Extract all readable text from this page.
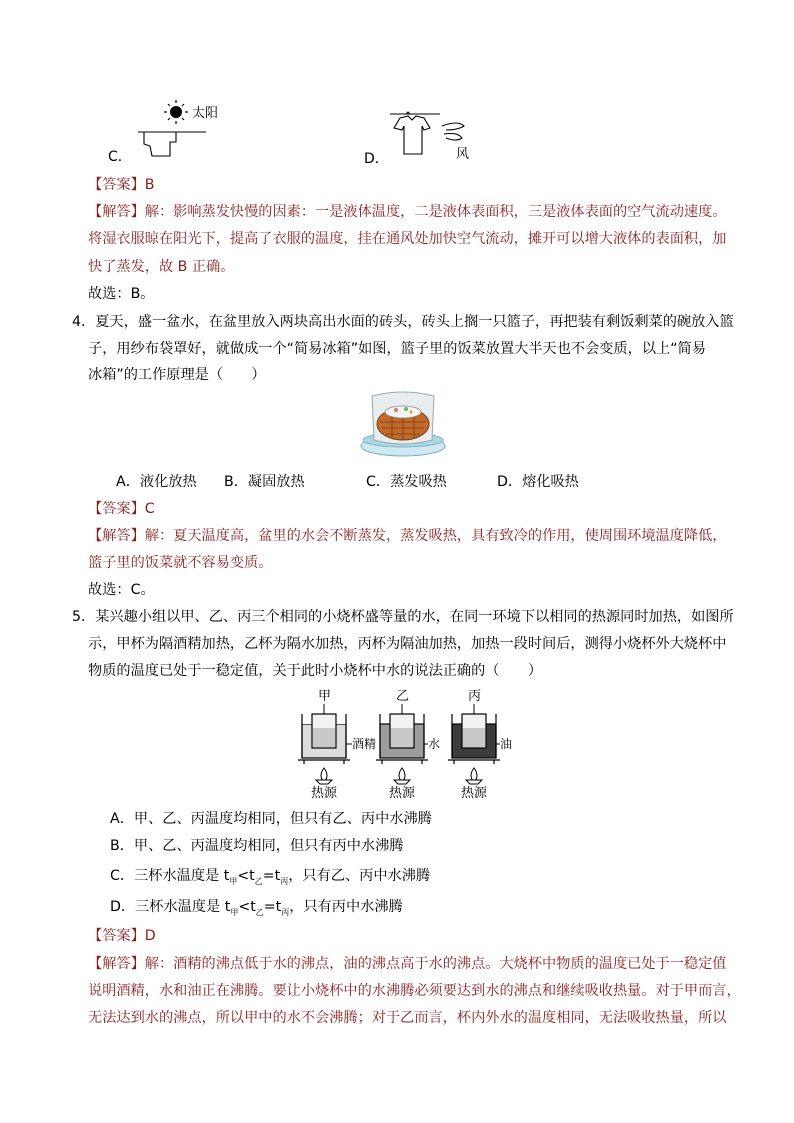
C．
太阳
D．	风
【答案】B
【解答】解：影响蒸发快慢的因素：一是液体温度，二是液体表面积，三是液体表面的空气流动速度。
将湿衣服晾在阳光下，提高了衣服的温度，挂在通风处加快空气流动，摊开可以增大液体的表面积，加
快了蒸发，故 B 正确。
故选：B。
4．夏天，盛一盆水，在盆里放入两块高出水面的砖头，砖头上搁一只篮子，再把装有剩饭剩菜的碗放入篮
子，用纱布袋罩好，就做成一个“简易冰箱”如图，篮子里的饭菜放置大半天也不会变质，以上“简易
冰箱”的工作原理是（　　）
A．液化放热 B．凝固放热	C．蒸发吸热	D．熔化吸热
【答案】C
【解答】解：夏天温度高，盆里的水会不断蒸发，蒸发吸热，具有致冷的作用，使周围环境温度降低，
篮子里的饭菜就不容易变质。
故选：C。
5．某兴趣小组以甲、乙、丙三个相同的小烧杯盛等量的水，在同一环境下以相同的热源同时加热，如图所
示，甲杯为隔酒精加热，乙杯为隔水加热，丙杯为隔油加热，加热一段时间后，测得小烧杯外大烧杯中
物质的温度已处于一稳定值，关于此时小烧杯中水的说法正确的（　　）
甲
酒精
热源
乙
水
热源
丙
油
热源
A．甲、乙、丙温度均相同，但只有乙、丙中水沸腾
B．甲、乙、丙温度均相同，但只有丙中水沸腾
C．三杯水温度是 $t_甲<t_乙=t_丙$，只有乙、丙中水沸腾
D．三杯水温度是 $t_甲<t_乙=t_丙$，只有丙中水沸腾
【答案】D
【解答】解：酒精的沸点低于水的沸点，油的沸点高于水的沸点。大烧杯中物质的温度已处于一稳定值
说明酒精，水和油正在沸腾。要让小烧杯中的水沸腾必须要达到水的沸点和继续吸收热量。对于甲而言，
无法达到水的沸点，所以甲中的水不会沸腾；对于乙而言，杯内外水的温度相同，无法吸收热量，所以
